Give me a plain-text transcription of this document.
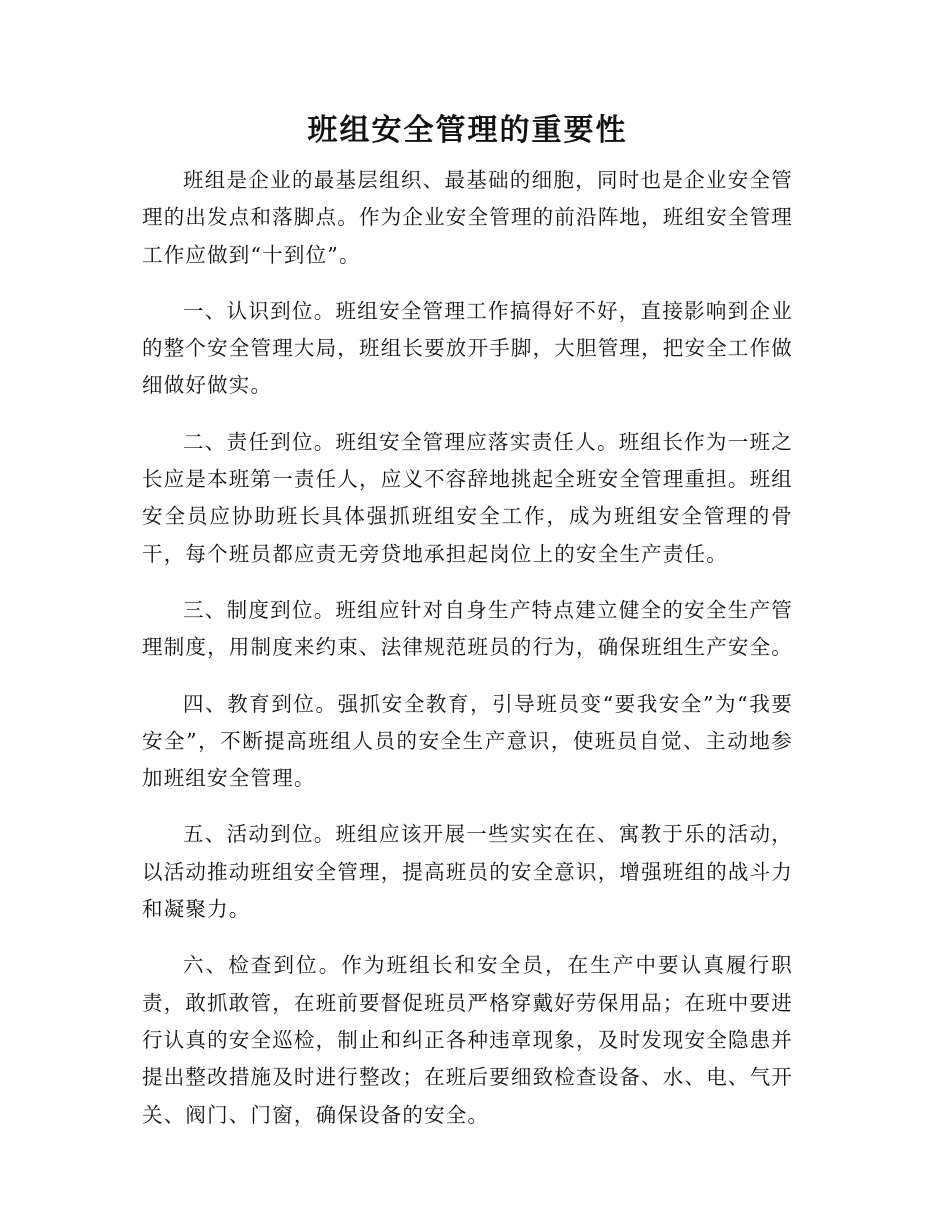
班组安全管理的重要性

班组是企业的最基层组织、最基础的细胞，同时也是企业安全管理的出发点和落脚点。作为企业安全管理的前沿阵地，班组安全管理工作应做到“十到位”。

一、认识到位。班组安全管理工作搞得好不好，直接影响到企业的整个安全管理大局，班组长要放开手脚，大胆管理，把安全工作做细做好做实。

二、责任到位。班组安全管理应落实责任人。班组长作为一班之长应是本班第一责任人，应义不容辞地挑起全班安全管理重担。班组安全员应协助班长具体强抓班组安全工作，成为班组安全管理的骨干，每个班员都应责无旁贷地承担起岗位上的安全生产责任。

三、制度到位。班组应针对自身生产特点建立健全的安全生产管理制度，用制度来约束、法律规范班员的行为，确保班组生产安全。

四、教育到位。强抓安全教育，引导班员变“要我安全”为“我要安全”，不断提高班组人员的安全生产意识，使班员自觉、主动地参加班组安全管理。

五、活动到位。班组应该开展一些实实在在、寓教于乐的活动，以活动推动班组安全管理，提高班员的安全意识，增强班组的战斗力和凝聚力。

六、检查到位。作为班组长和安全员，在生产中要认真履行职责，敢抓敢管，在班前要督促班员严格穿戴好劳保用品；在班中要进行认真的安全巡检，制止和纠正各种违章现象，及时发现安全隐患并提出整改措施及时进行整改；在班后要细致检查设备、水、电、气开关、阀门、门窗，确保设备的安全。
